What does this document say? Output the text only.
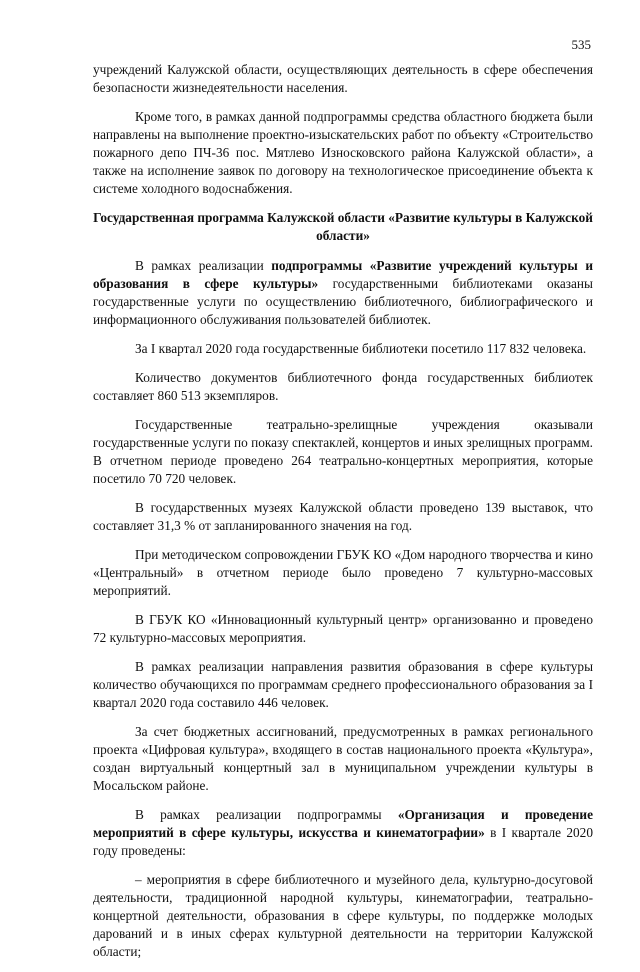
535

учреждений Калужской области, осуществляющих деятельность в сфере обеспечения безопасности жизнедеятельности населения.

Кроме того, в рамках данной подпрограммы средства областного бюджета были направлены на выполнение проектно-изыскательских работ по объекту «Строительство пожарного депо ПЧ-36 пос. Мятлево Износковского района Калужской области», а также на исполнение заявок по договору на технологическое присоединение объекта к системе холодного водоснабжения.

Государственная программа Калужской области «Развитие культуры в Калужской области»

В рамках реализации подпрограммы «Развитие учреждений культуры и образования в сфере культуры» государственными библиотеками оказаны государственные услуги по осуществлению библиотечного, библиографического и информационного обслуживания пользователей библиотек.

За I квартал 2020 года государственные библиотеки посетило 117 832 человека.

Количество документов библиотечного фонда государственных библиотек составляет 860 513 экземпляров.

Государственные театрально-зрелищные учреждения оказывали государственные услуги по показу спектаклей, концертов и иных зрелищных программ. В отчетном периоде проведено 264 театрально-концертных мероприятия, которые посетило 70 720 человек.

В государственных музеях Калужской области проведено 139 выставок, что составляет 31,3 % от запланированного значения на год.

При методическом сопровождении ГБУК КО «Дом народного творчества и кино «Центральный» в отчетном периоде было проведено 7 культурно-массовых мероприятий.

В ГБУК КО «Инновационный культурный центр» организованно и проведено 72 культурно-массовых мероприятия.

В рамках реализации направления развития образования в сфере культуры количество обучающихся по программам среднего профессионального образования за I квартал 2020 года составило 446 человек.

За счет бюджетных ассигнований, предусмотренных в рамках регионального проекта «Цифровая культура», входящего в состав национального проекта «Культура», создан виртуальный концертный зал в муниципальном учреждении культуры в Мосальском районе.

В рамках реализации подпрограммы «Организация и проведение мероприятий в сфере культуры, искусства и кинематографии» в I квартале 2020 году проведены:

– мероприятия в сфере библиотечного и музейного дела, культурно-досуговой деятельности, традиционной народной культуры, кинематографии, театрально-концертной деятельности, образования в сфере культуры, по поддержке молодых дарований и в иных сферах культурной деятельности на территории Калужской области;
